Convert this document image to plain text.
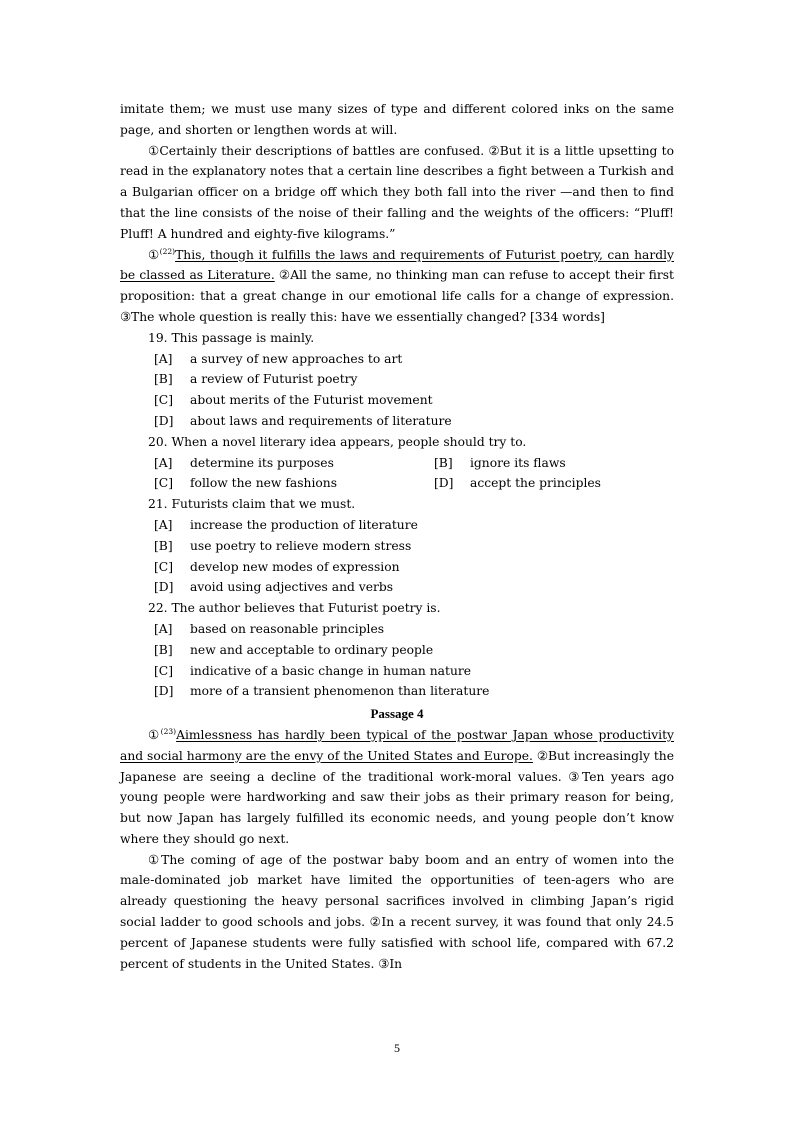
imitate them; we must use many sizes of type and different colored inks on the same page, and shorten or lengthen words at will.

①Certainly their descriptions of battles are confused. ②But it is a little upsetting to read in the explanatory notes that a certain line describes a fight between a Turkish and a Bulgarian officer on a bridge off which they both fall into the river —and then to find that the line consists of the noise of their falling and the weights of the officers: “Pluff! Pluff! A hundred and eighty-five kilograms.”

①$^{(22)}$This, though it fulfills the laws and requirements of Futurist poetry, can hardly be classed as Literature. ②All the same, no thinking man can refuse to accept their first proposition: that a great change in our emotional life calls for a change of expression. ③The whole question is really this: have we essentially changed? [334 words]

19. This passage is mainly.

[A]	a survey of new approaches to art

[B]	a review of Futurist poetry

[C]	about merits of the Futurist movement

[D]	about laws and requirements of literature

20. When a novel literary idea appears, people should try to.

[A]	determine its purposes	[B]	ignore its flaws
[C]	follow the new fashions	[D]	accept the principles

21. Futurists claim that we must.

[A]	increase the production of literature

[B]	use poetry to relieve modern stress

[C]	develop new modes of expression

[D]	avoid using adjectives and verbs

22. The author believes that Futurist poetry is.

[A]	based on reasonable principles

[B]	new and acceptable to ordinary people

[C]	indicative of a basic change in human nature

[D]	more of a transient phenomenon than literature

Passage 4

①$^{(23)}$Aimlessness has hardly been typical of the postwar Japan whose productivity and social harmony are the envy of the United States and Europe. ②But increasingly the Japanese are seeing a decline of the traditional work-moral values. ③Ten years ago young people were hardworking and saw their jobs as their primary reason for being, but now Japan has largely fulfilled its economic needs, and young people don’t know where they should go next.

①The coming of age of the postwar baby boom and an entry of women into the male-dominated job market have limited the opportunities of teen-agers who are already questioning the heavy personal sacrifices involved in climbing Japan’s rigid social ladder to good schools and jobs. ②In a recent survey, it was found that only 24.5 percent of Japanese students were fully satisfied with school life, compared with 67.2 percent of students in the United States. ③In

5
